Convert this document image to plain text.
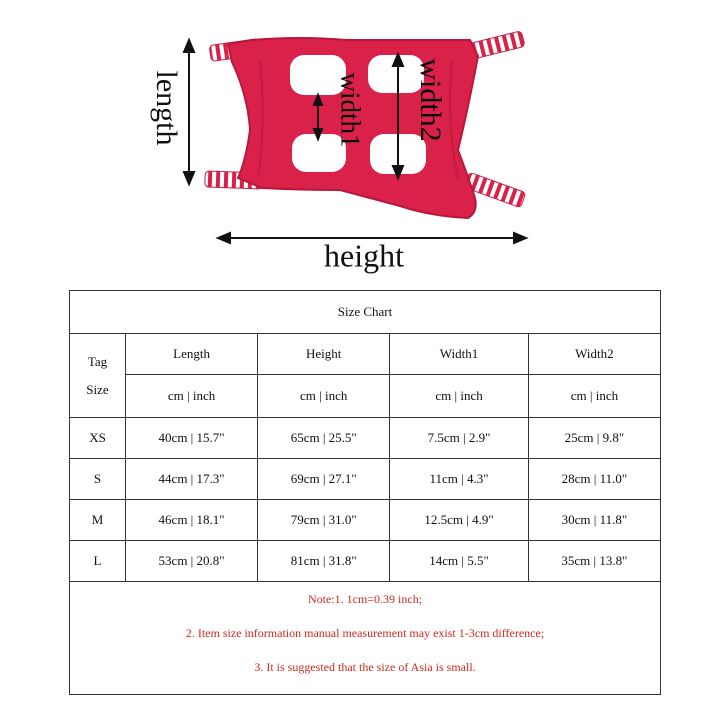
length
height
width1 width2
Size Chart				

Tag
Size	Length	Height	Width1	Width2
	cm | inch	cm | inch	cm | inch	cm | inch
XS	40cm | 15.7"	65cm | 25.5"	7.5cm | 2.9"	25cm | 9.8"
S	44cm | 17.3"	69cm | 27.1"	11cm | 4.3"	28cm | 11.0"
M	46cm | 18.1"	79cm | 31.0"	12.5cm | 4.9"	30cm | 11.8"
L	53cm | 20.8"	81cm | 31.8"	14cm | 5.5"	35cm | 13.8"

Note:1. 1cm=0.39 inch;
2. Item size information manual measurement may exist 1-3cm difference;
3. It is suggested that the size of Asia is small.				
